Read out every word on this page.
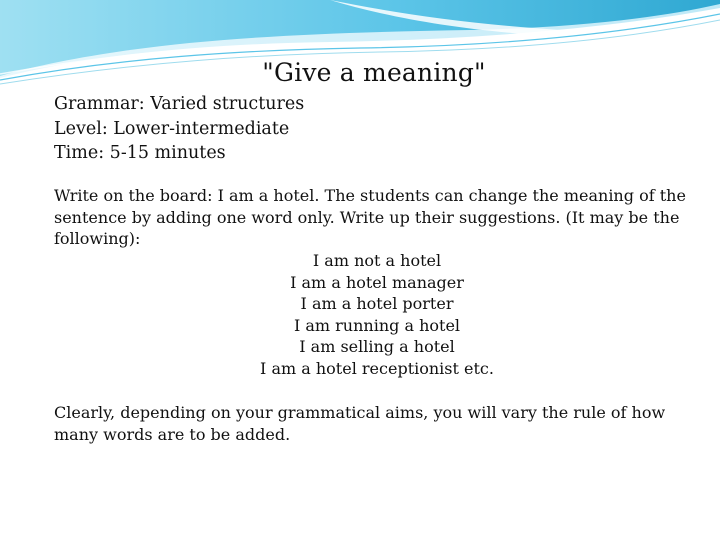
"Give a meaning"
Grammar: Varied structures
Level: Lower-intermediate
Time: 5-15 minutes
Write on the board: I am a hotel. The students can change the meaning of the sentence by adding one word only. Write up their suggestions. (It may be the following):
I am not a hotel
I am a hotel manager
I am a hotel porter
I am running a hotel
I am selling a hotel
I am a hotel receptionist etc.
Clearly, depending on your grammatical aims, you will vary the rule of how many words are to be added.
